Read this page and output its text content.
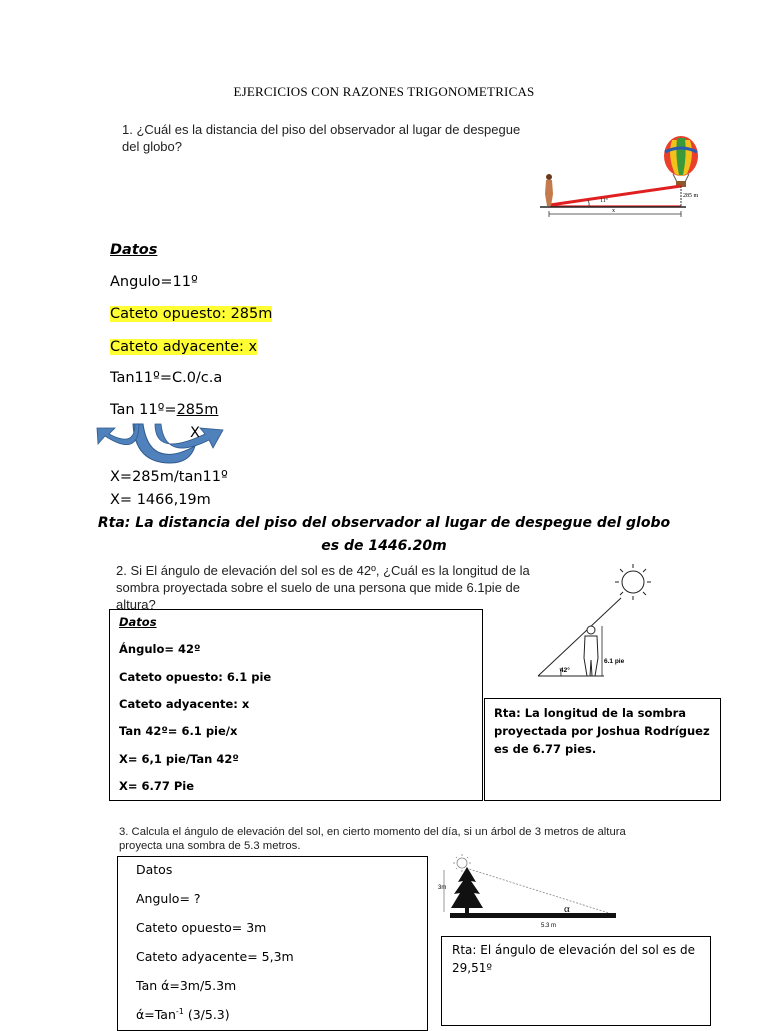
EJERCICIOS CON RAZONES TRIGONOMETRICAS
1. ¿Cuál es la distancia del piso del observador al lugar de despegue
del globo?
11º
285 m
x
Datos
Angulo=11º
Cateto opuesto: 285m
Cateto adyacente: x
Tan11º=C.0/c.a
Tan 11º=285m
X
X=285m/tan11º
X= 1466,19m
Rta: La distancia del piso del observador al lugar de despegue del globo
es de 1446.20m
2. Si El ángulo de elevación del sol es de 42º, ¿Cuál es la longitud de la
sombra proyectada sobre el suelo de una persona que mide 6.1pie de
altura?
Datos
Ángulo= 42º
Cateto opuesto: 6.1 pie
Cateto adyacente: x
Tan 42º= 6.1 pie/x
X= 6,1 pie/Tan 42º
X= 6.77 Pie
6.1 pie
42°
Rta: La longitud de la sombra proyectada por Joshua Rodríguez es de 6.77 pies.
3. Calcula el ángulo de elevación del sol, en cierto momento del día, si un árbol de 3 metros de altura
proyecta una sombra de 5.3 metros.
Datos
Angulo= ?
Cateto opuesto= 3m
Cateto adyacente= 5,3m
Tan ά=3m/5.3m
ά=Tan$^{-1}$ (3/5.3)
3m
5.3 m
α
Rta: El ángulo de elevación del sol es de 29,51º
